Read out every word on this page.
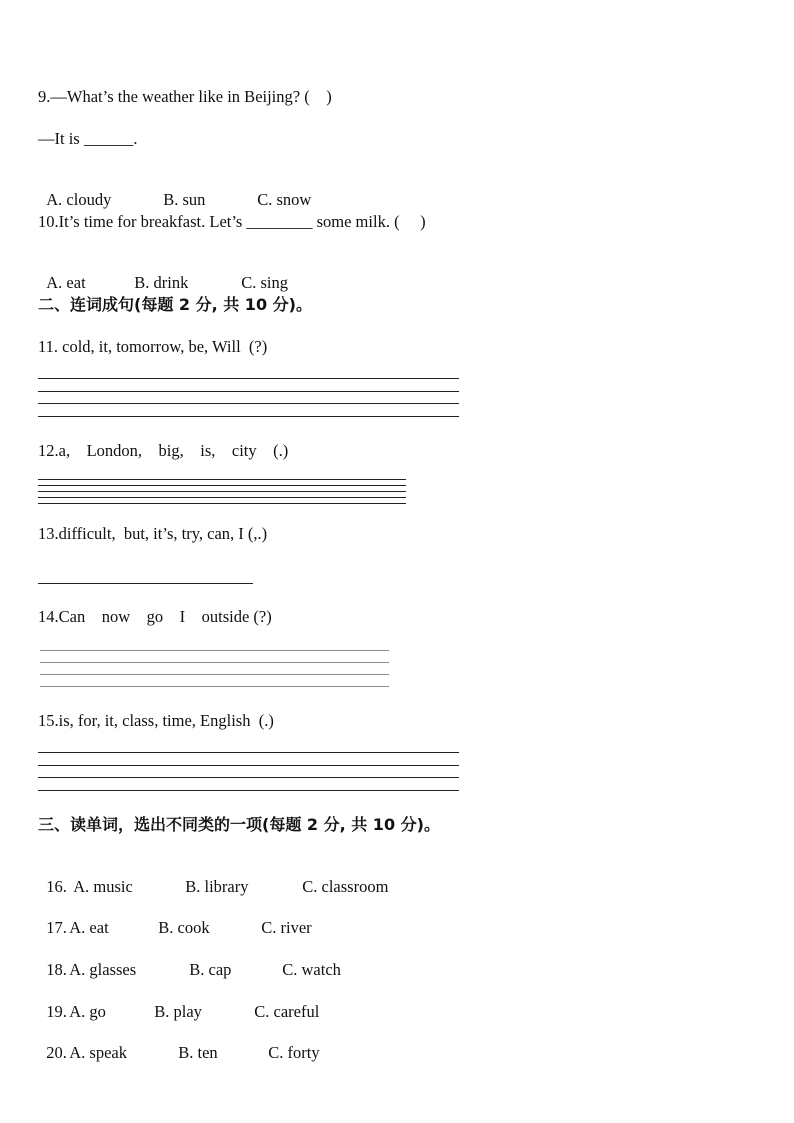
9.—What’s the weather like in Beijing? (    )
—It is ______.

A. cloudy	B. sun	C. snow

10.It’s time for breakfast. Let’s ________ some milk. (     )

A. eat	B. drink	C. sing

二、连词成句(每题 2 分, 共 10 分)。
11. cold, it, tomorrow, be, Will  (?)
12.a,    London,    big,    is,    city    (.)
13.difficult,  but, it’s, try, can, I (,.)
14.Can    now    go    I    outside (?)
15.is, for, it, class, time, English  (.)
三、读单词，选出不同类的一项(每题 2 分, 共 10 分)。

16. A. music	B. library	C. classroom

17. A. eat	B. cook	C. river

18. A. glasses	B. cap	C. watch

19. A. go	B. play	C. careful

20. A. speak	B. ten	C. forty
